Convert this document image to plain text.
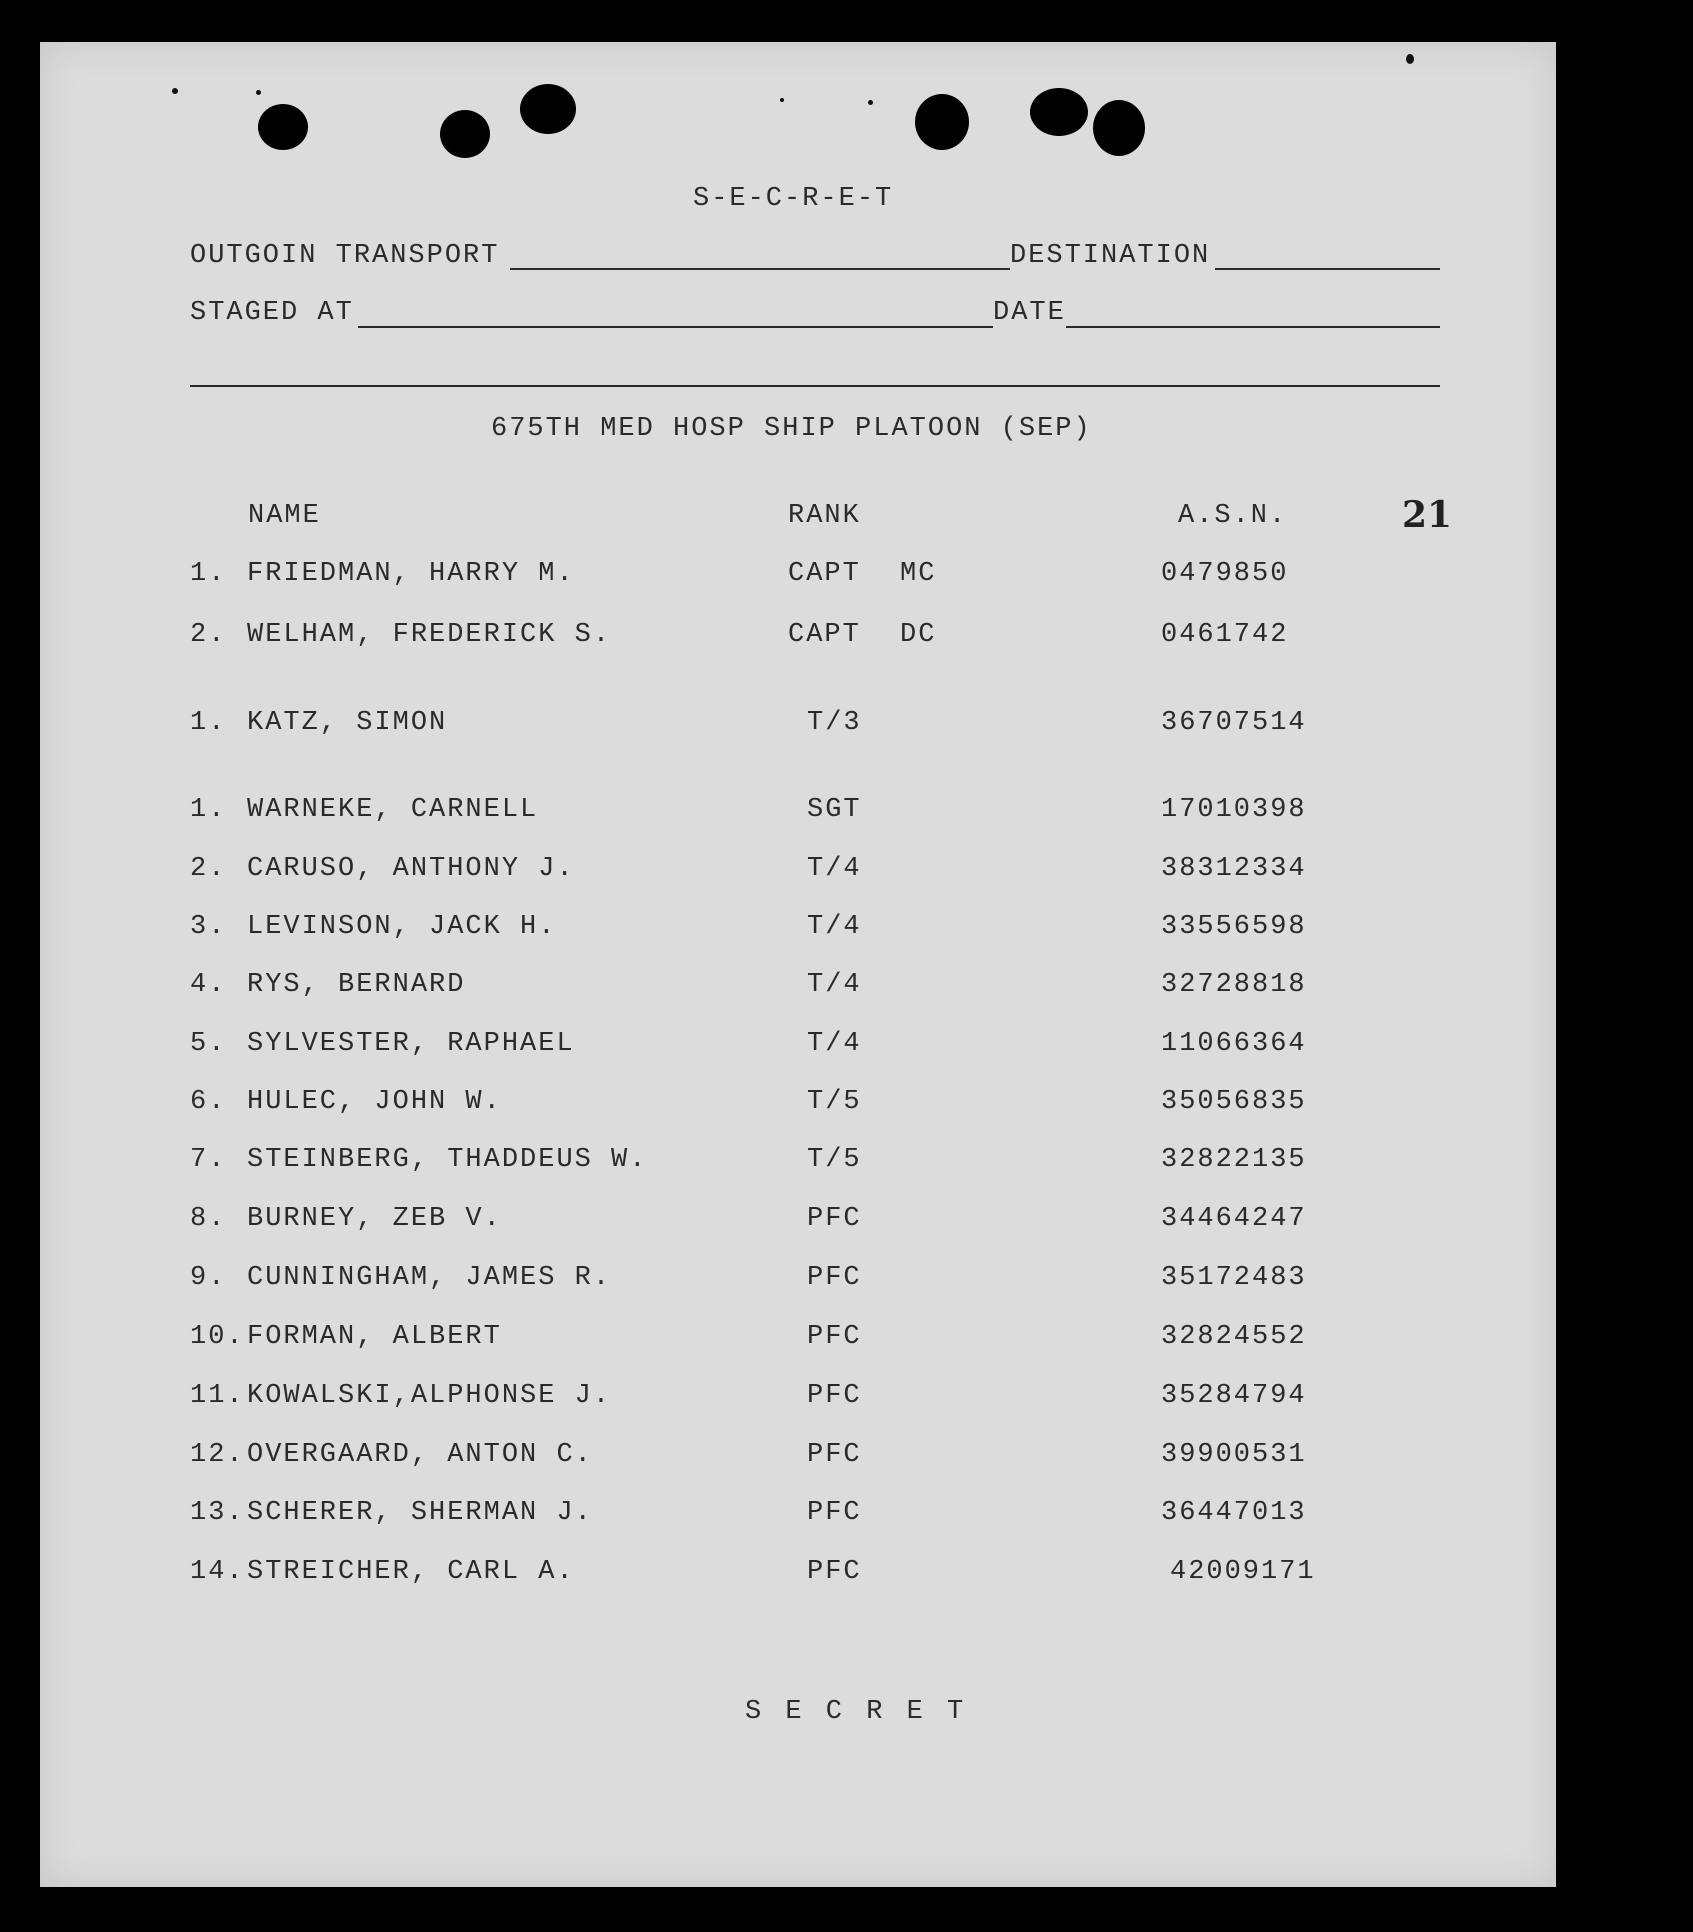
S-E-C-R-E-T
OUTGOIN TRANSPORT	DESTINATION
STAGED AT	DATE
675TH MED HOSP SHIP PLATOON (SEP)
NAME	RANK	A.S.N.	21
1. FRIEDMAN, HARRY M.	CAPT MC	0479850
2. WELHAM, FREDERICK S.	CAPT DC	0461742
1. KATZ, SIMON	T/3	36707514
1. WARNEKE, CARNELL	SGT	17010398
2. CARUSO, ANTHONY J.	T/4	38312334
3. LEVINSON, JACK H.	T/4	33556598
4. RYS, BERNARD	T/4	32728818
5. SYLVESTER, RAPHAEL	T/4	11066364
6. HULEC, JOHN W.	T/5	35056835
7. STEINBERG, THADDEUS W.	T/5	32822135
8. BURNEY, ZEB V.	PFC	34464247
9. CUNNINGHAM, JAMES R.	PFC	35172483
10. FORMAN, ALBERT	PFC	32824552
11. KOWALSKI,ALPHONSE J.	PFC	35284794
12. OVERGAARD, ANTON C.	PFC	39900531
13. SCHERER, SHERMAN J.	PFC	36447013
14. STREICHER, CARL A.	PFC	42009171
S E C R E T
